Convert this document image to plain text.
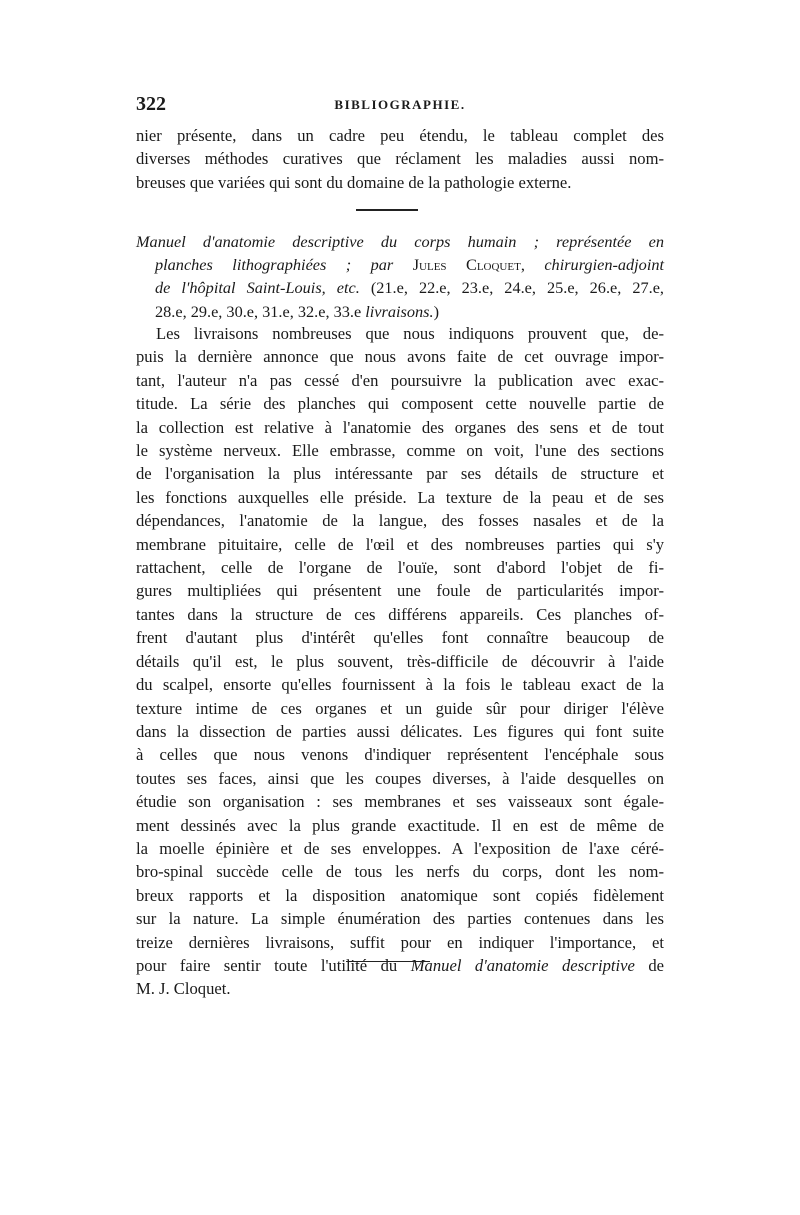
322	BIBLIOGRAPHIE.
nier présente, dans un cadre peu étendu, le tableau complet des
diverses méthodes curatives que réclament les maladies aussi nom-
breuses que variées qui sont du domaine de la pathologie externe.
Manuel d'anatomie descriptive du corps humain ; représentée en
planches lithographiées ; par Jules Cloquet, chirurgien-adjoint
de l'hôpital Saint-Louis, etc. (21.e, 22.e, 23.e, 24.e, 25.e, 26.e, 27.e,
28.e, 29.e, 30.e, 31.e, 32.e, 33.e livraisons.)
Les livraisons nombreuses que nous indiquons prouvent que, de-
puis la dernière annonce que nous avons faite de cet ouvrage impor-
tant, l'auteur n'a pas cessé d'en poursuivre la publication avec exac-
titude. La série des planches qui composent cette nouvelle partie de
la collection est relative à l'anatomie des organes des sens et de tout
le système nerveux. Elle embrasse, comme on voit, l'une des sections
de l'organisation la plus intéressante par ses détails de structure et
les fonctions auxquelles elle préside. La texture de la peau et de ses
dépendances, l'anatomie de la langue, des fosses nasales et de la
membrane pituitaire, celle de l'œil et des nombreuses parties qui s'y
rattachent, celle de l'organe de l'ouïe, sont d'abord l'objet de fi-
gures multipliées qui présentent une foule de particularités impor-
tantes dans la structure de ces différens appareils. Ces planches of-
frent d'autant plus d'intérêt qu'elles font connaître beaucoup de
détails qu'il est, le plus souvent, très-difficile de découvrir à l'aide
du scalpel, ensorte qu'elles fournissent à la fois le tableau exact de la
texture intime de ces organes et un guide sûr pour diriger l'élève
dans la dissection de parties aussi délicates. Les figures qui font suite
à celles que nous venons d'indiquer représentent l'encéphale sous
toutes ses faces, ainsi que les coupes diverses, à l'aide desquelles on
étudie son organisation : ses membranes et ses vaisseaux sont égale-
ment dessinés avec la plus grande exactitude. Il en est de même de
la moelle épinière et de ses enveloppes. A l'exposition de l'axe céré-
bro-spinal succède celle de tous les nerfs du corps, dont les nom-
breux rapports et la disposition anatomique sont copiés fidèlement
sur la nature. La simple énumération des parties contenues dans les
treize dernières livraisons, suffit pour en indiquer l'importance, et
pour faire sentir toute l'utilité du Manuel d'anatomie descriptive de
M. J. Cloquet.
